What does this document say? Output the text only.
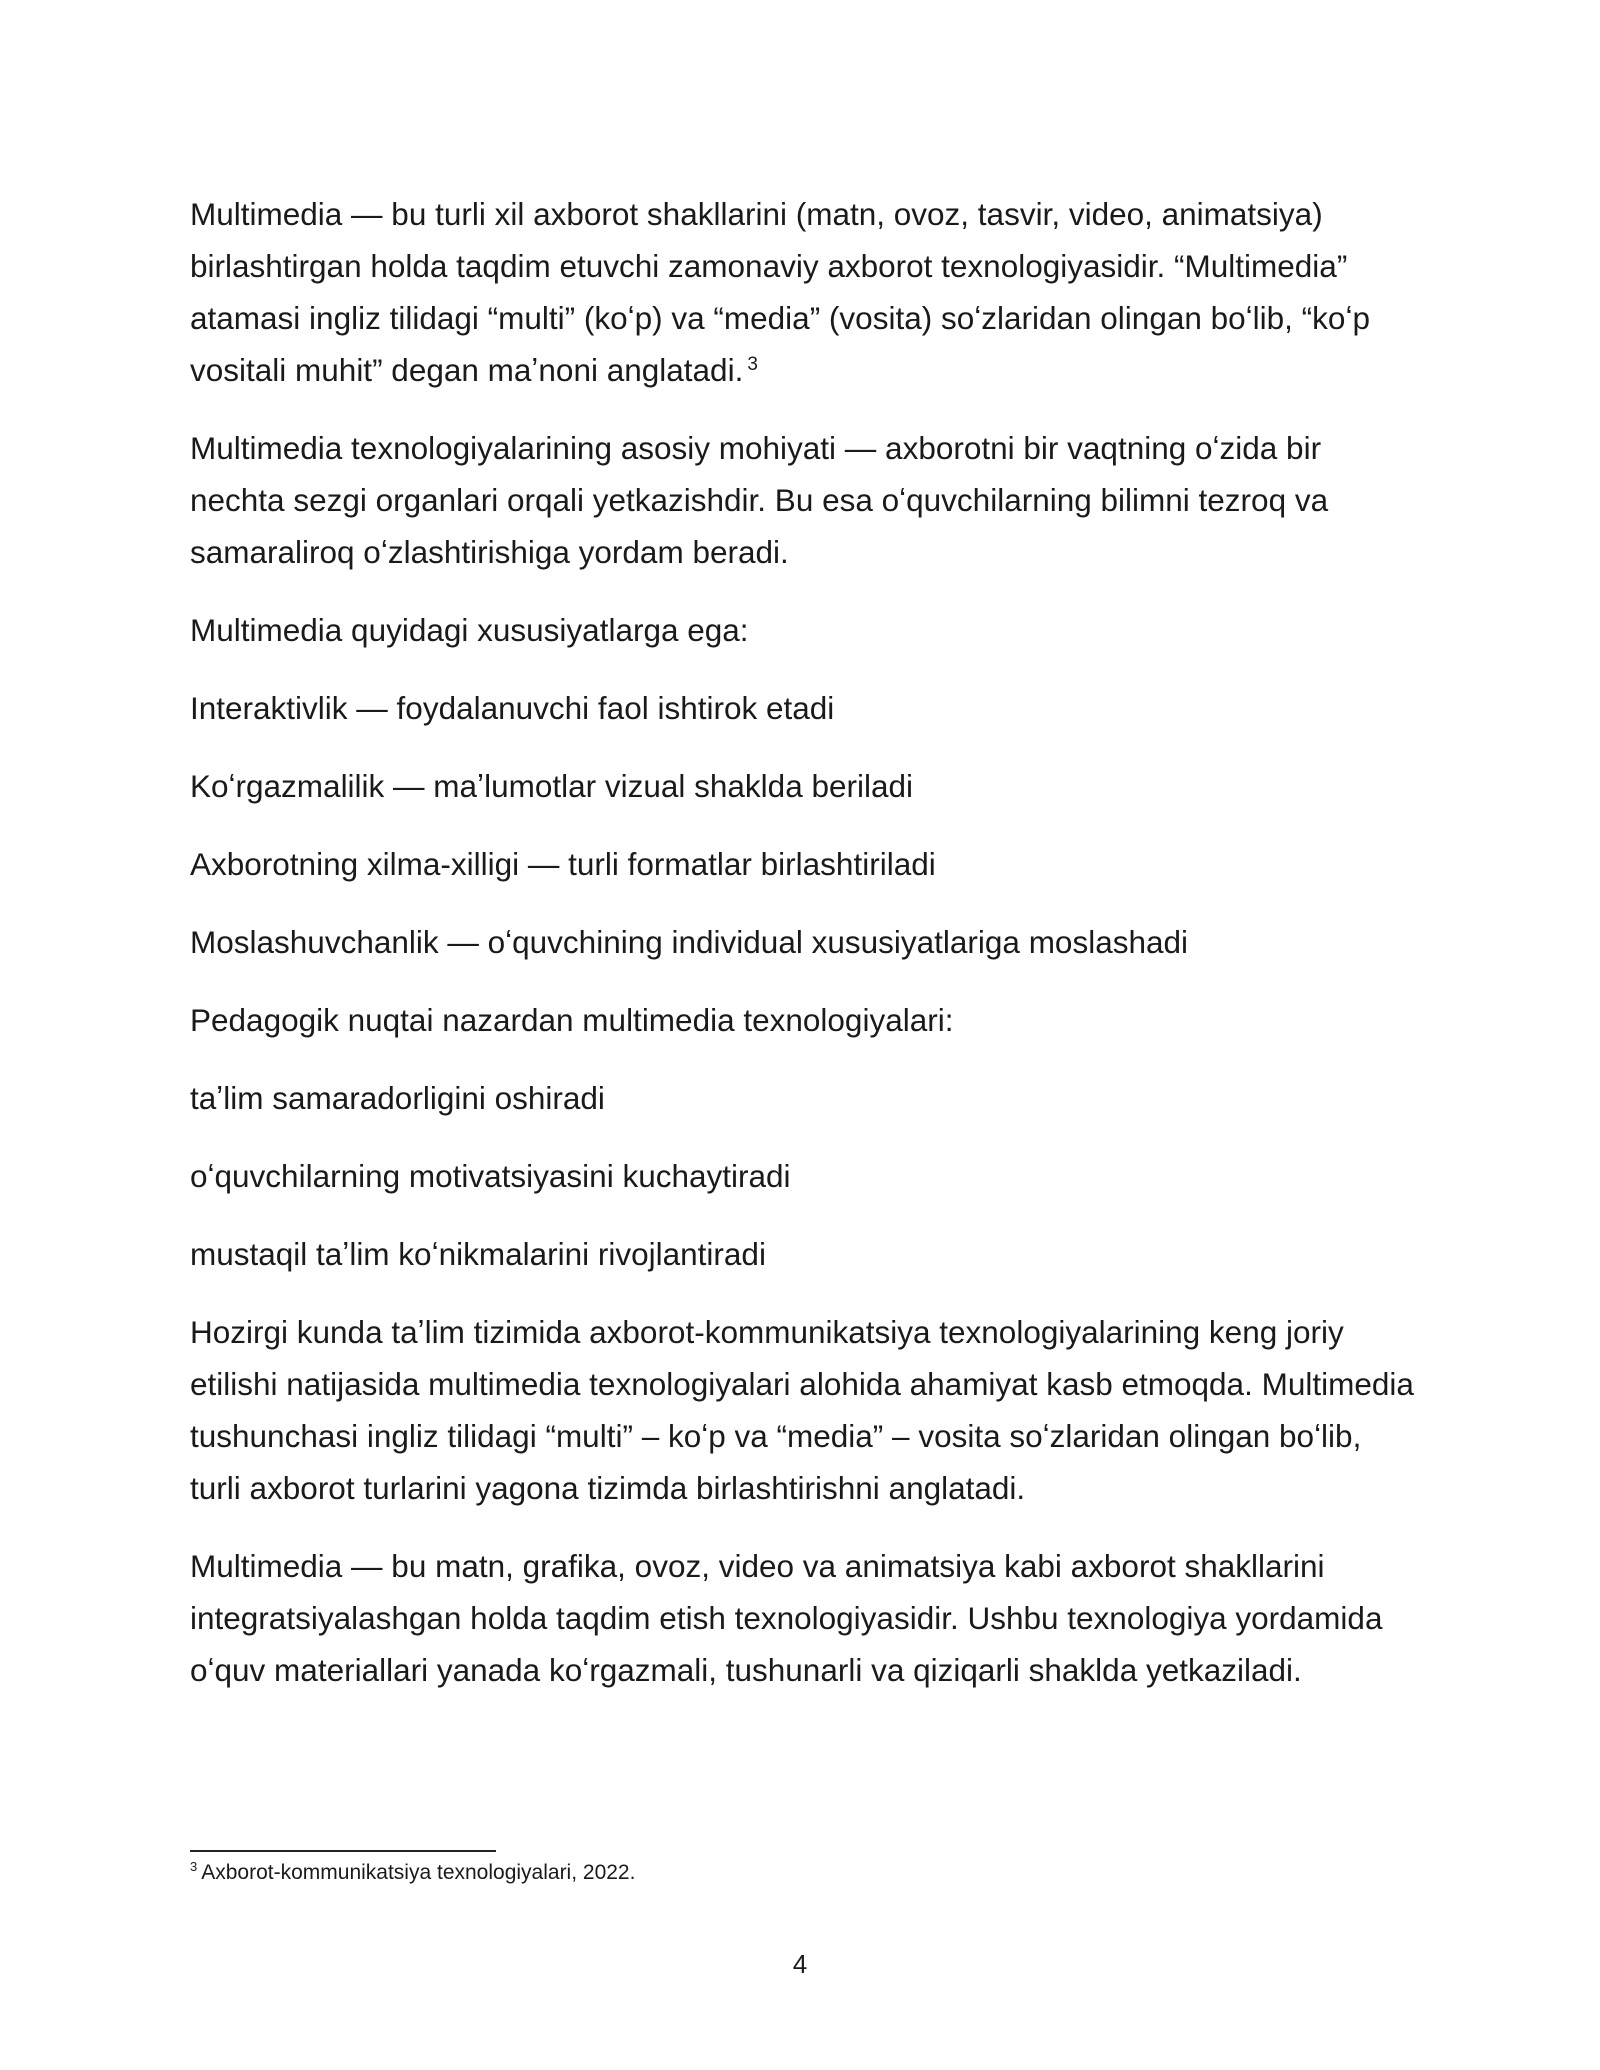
Multimedia — bu turli xil axborot shakllarini (matn, ovoz, tasvir, video, animatsiya) birlashtirgan holda taqdim etuvchi zamonaviy axborot texnologiyasidir. “Multimedia” atamasi ingliz tilidagi “multi” (koʻp) va “media” (vosita) soʻzlaridan olingan boʻlib, “koʻp vositali muhit” degan maʼnoni anglatadi. $^3$

Multimedia texnologiyalarining asosiy mohiyati — axborotni bir vaqtning oʻzida bir nechta sezgi organlari orqali yetkazishdir. Bu esa oʻquvchilarning bilimni tezroq va samaraliroq oʻzlashtirishiga yordam beradi.

Multimedia quyidagi xususiyatlarga ega:

Interaktivlik — foydalanuvchi faol ishtirok etadi

Koʻrgazmalilik — maʼlumotlar vizual shaklda beriladi

Axborotning xilma-xilligi — turli formatlar birlashtiriladi

Moslashuvchanlik — oʻquvchining individual xususiyatlariga moslashadi

Pedagogik nuqtai nazardan multimedia texnologiyalari:

taʼlim samaradorligini oshiradi

oʻquvchilarning motivatsiyasini kuchaytiradi

mustaqil taʼlim koʻnikmalarini rivojlantiradi

Hozirgi kunda taʼlim tizimida axborot-kommunikatsiya texnologiyalarining keng joriy etilishi natijasida multimedia texnologiyalari alohida ahamiyat kasb etmoqda. Multimedia tushunchasi ingliz tilidagi “multi” – koʻp va “media” – vosita soʻzlaridan olingan boʻlib, turli axborot turlarini yagona tizimda birlashtirishni anglatadi.

Multimedia — bu matn, grafika, ovoz, video va animatsiya kabi axborot shakllarini integratsiyalashgan holda taqdim etish texnologiyasidir. Ushbu texnologiya yordamida oʻquv materiallari yanada koʻrgazmali, tushunarli va qiziqarli shaklda yetkaziladi.

$^3$ Axborot-kommunikatsiya texnologiyalari, 2022.
4
